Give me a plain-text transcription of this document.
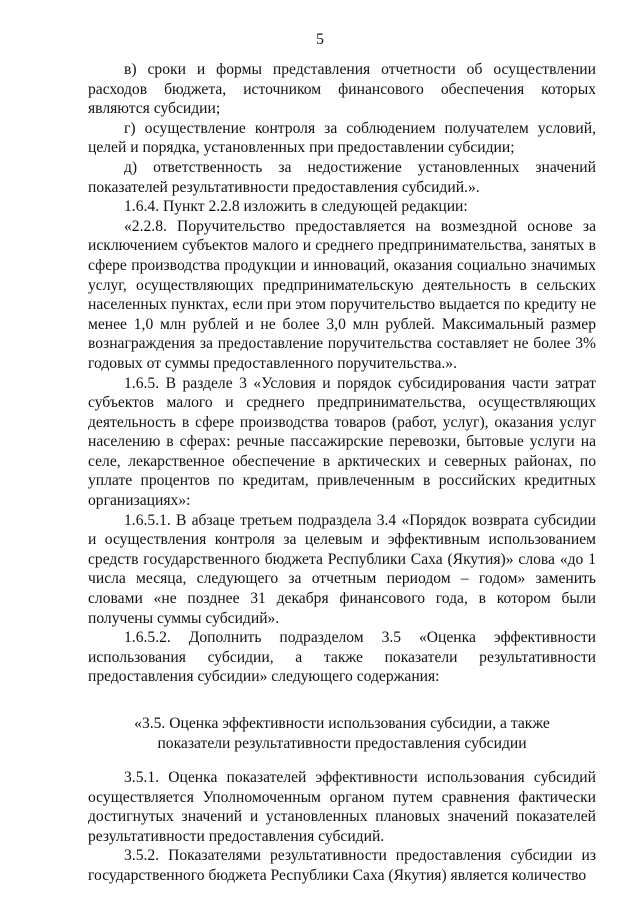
5

в) сроки и формы представления отчетности об осуществлении расходов бюджета, источником финансового обеспечения которых являются субсидии;

г) осуществление контроля за соблюдением получателем условий, целей и порядка, установленных при предоставлении субсидии;

д) ответственность за недостижение установленных значений показателей результативности предоставления субсидий.».

1.6.4. Пункт 2.2.8 изложить в следующей редакции:

«2.2.8. Поручительство предоставляется на возмездной основе за исключением субъектов малого и среднего предпринимательства, занятых в сфере производства продукции и инноваций, оказания социально значимых услуг, осуществляющих предпринимательскую деятельность в сельских населенных пунктах, если при этом поручительство выдается по кредиту не менее 1,0 млн рублей и не более 3,0 млн рублей. Максимальный размер вознаграждения за предоставление поручительства составляет не более 3% годовых от суммы предоставленного поручительства.».

1.6.5. В разделе 3 «Условия и порядок субсидирования части затрат субъектов малого и среднего предпринимательства, осуществляющих деятельность в сфере производства товаров (работ, услуг), оказания услуг населению в сферах: речные пассажирские перевозки, бытовые услуги на селе, лекарственное обеспечение в арктических и северных районах, по уплате процентов по кредитам, привлеченным в российских кредитных организациях»:

1.6.5.1. В абзаце третьем подраздела 3.4 «Порядок возврата субсидии и осуществления контроля за целевым и эффективным использованием средств государственного бюджета Республики Саха (Якутия)» слова «до 1 числа месяца, следующего за отчетным периодом – годом» заменить словами «не позднее 31 декабря финансового года, в котором были получены суммы субсидий».

1.6.5.2. Дополнить подразделом 3.5 «Оценка эффективности использования субсидии, а также показатели результативности предоставления субсидии» следующего содержания:

«3.5. Оценка эффективности использования субсидии, а также
показатели результативности предоставления субсидии

3.5.1. Оценка показателей эффективности использования субсидий осуществляется Уполномоченным органом путем сравнения фактически достигнутых значений и установленных плановых значений показателей результативности предоставления субсидий.

3.5.2. Показателями результативности предоставления субсидии из государственного бюджета Республики Саха (Якутия) является количество
